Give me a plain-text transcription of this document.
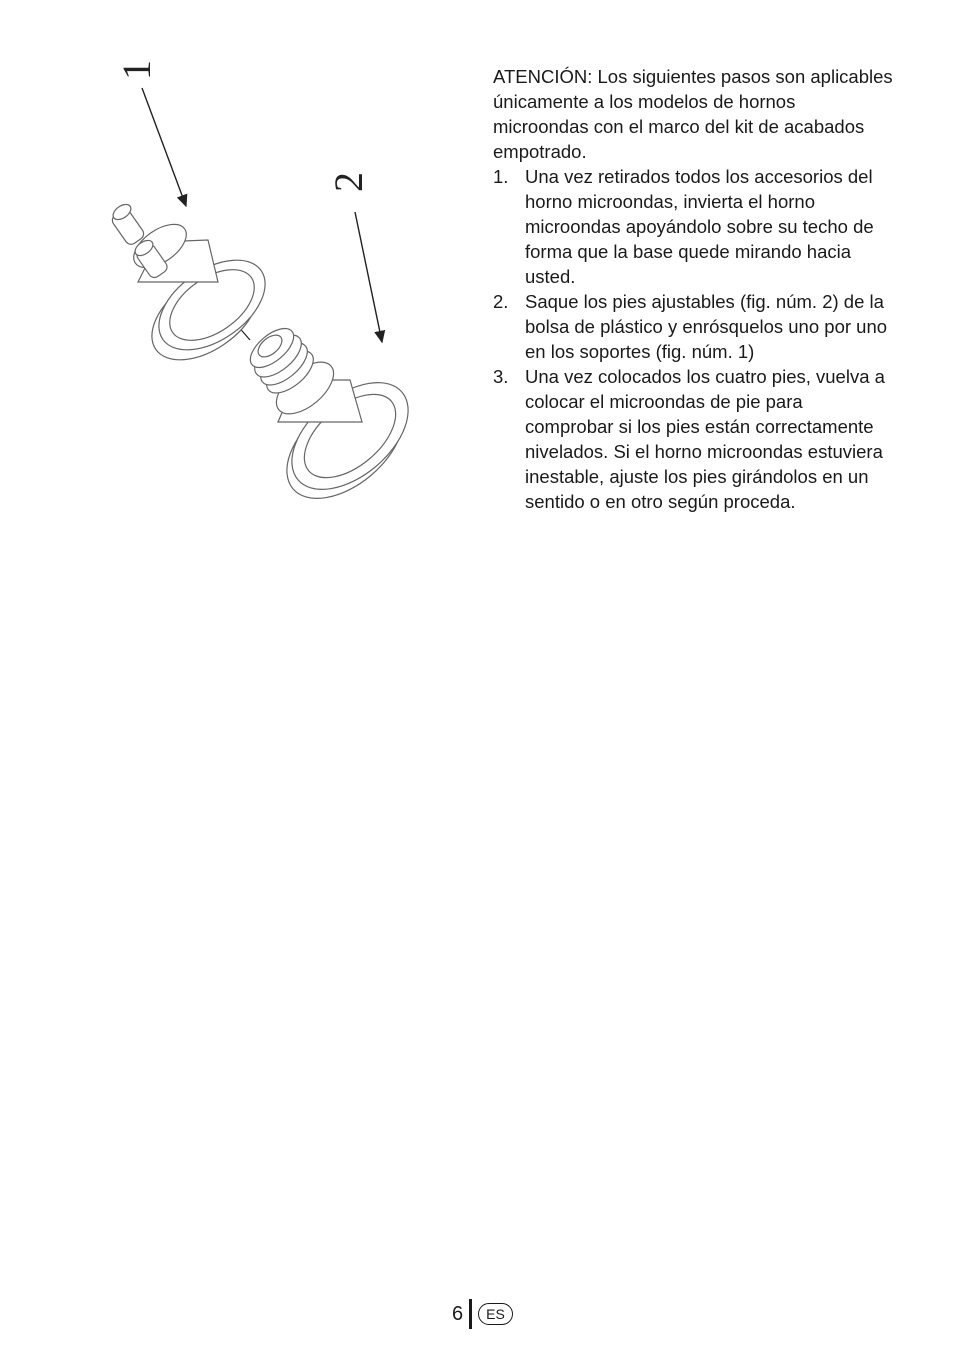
1
2

ATENCIÓN: Los siguientes pasos son aplicables únicamente a los modelos de hornos microondas con el marco del kit de acabados empotrado.

1. Una vez retirados todos los accesorios del horno microondas, invierta el horno microondas apoyándolo sobre su techo de forma que la base quede mirando hacia usted.
2. Saque los pies ajustables (fig. núm. 2) de la bolsa de plástico y enrósquelos uno por uno en los soportes (fig. núm. 1)
3. Una vez colocados los cuatro pies, vuelva a colocar el microondas de pie para comprobar si los pies están correctamente nivelados. Si el horno microondas estuviera inestable, ajuste los pies girándolos en un sentido o en otro según proceda.
6	ES
